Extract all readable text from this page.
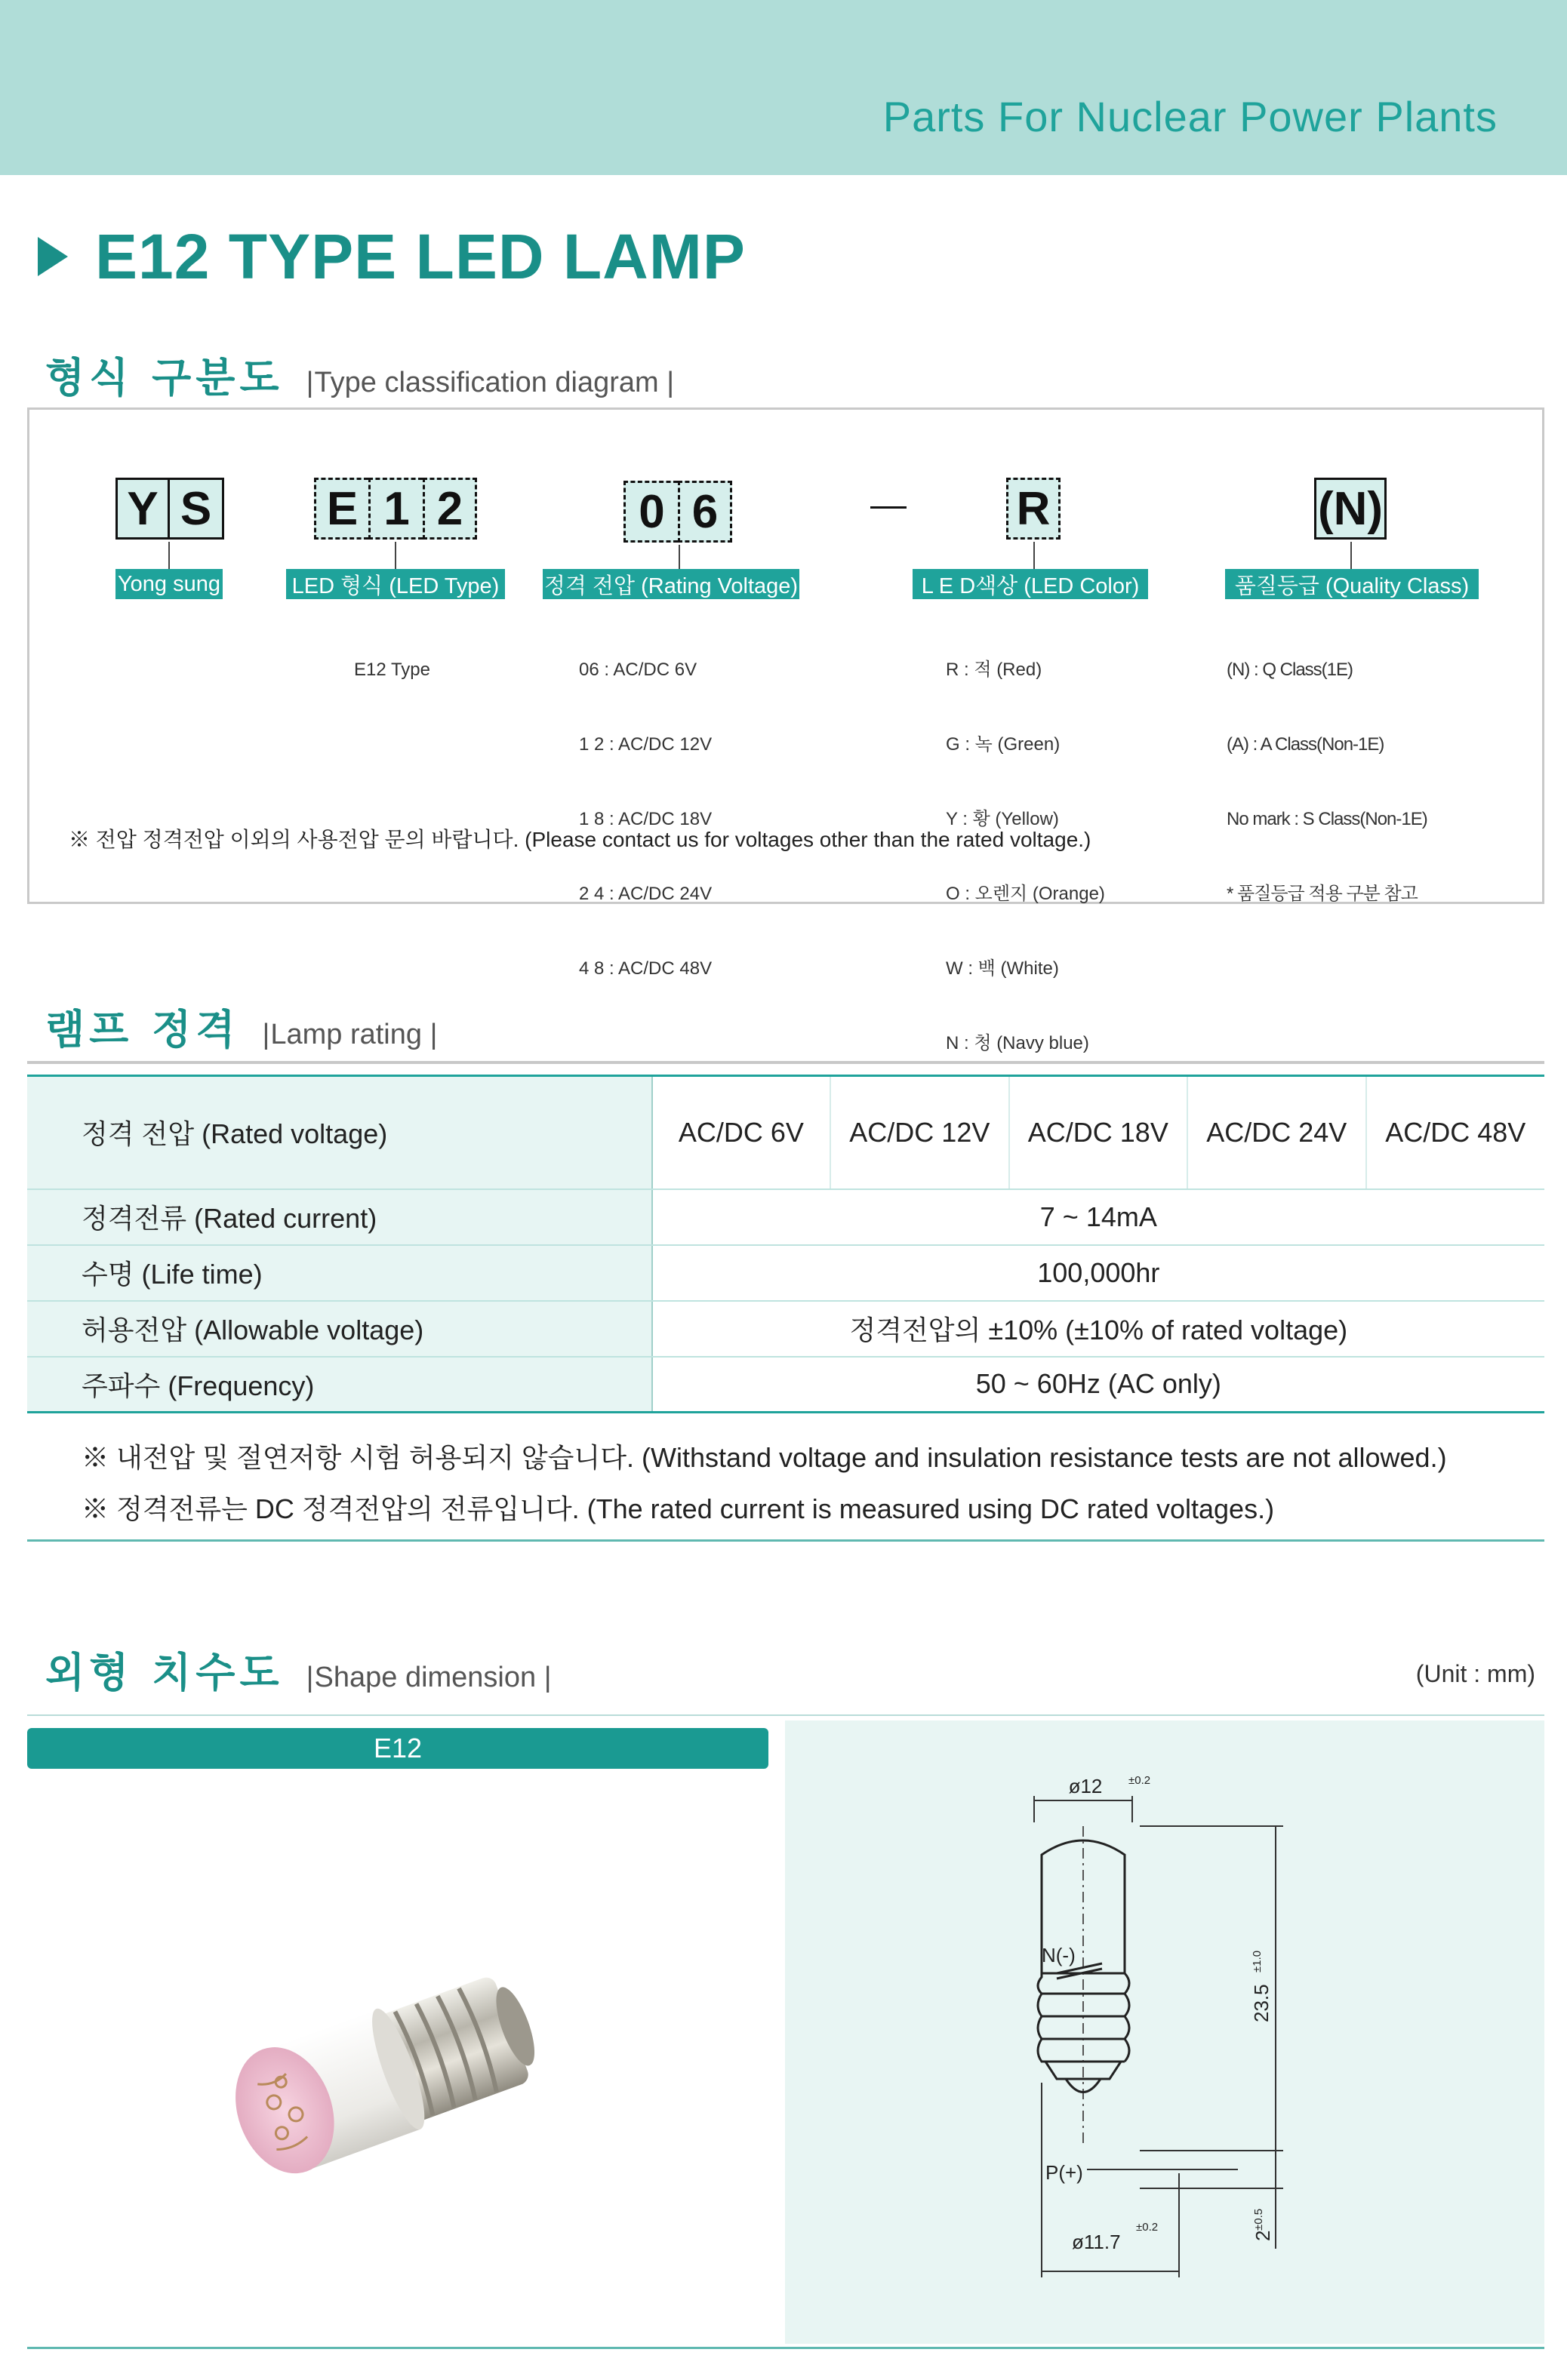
Parts For Nuclear Power Plants
E12 TYPE LED LAMP
형식 구분도 | Type classification diagram |
Y S
Yong sung
E 1 2
LED 형식 (LED Type)

E12 Type

0 6
정격 전압 (Rating Voltage)

06 : AC/DC 6V

1 2 : AC/DC 12V

1 8 : AC/DC 18V

2 4 : AC/DC 24V

4 8 : AC/DC 48V

R
L E D색상 (LED Color)

R : 적 (Red)

G : 녹 (Green)

Y : 황 (Yellow)

O : 오렌지 (Orange)

W : 백 (White)

N : 청 (Navy blue)

(N)
품질등급 (Quality Class)

(N) : Q Class(1E)

(A) : A Class(Non-1E)

No mark : S Class(Non-1E)

* 품질등급 적용 구분 참고

※ 전압 정격전압 이외의 사용전압 문의 바랍니다. (Please contact us for voltages other than the rated voltage.)
램프 정격 | Lamp rating |
정격 전압 (Rated voltage)	AC/DC 6V	AC/DC 12V	AC/DC 18V	AC/DC 24V	AC/DC 48V
정격전류 (Rated current)	7 ~ 14mA				
수명 (Life time)	100,000hr				
허용전압 (Allowable voltage)	정격전압의 ±10% (±10% of rated voltage)				
주파수 (Frequency)	50 ~ 60Hz (AC only)				
※ 내전압 및 절연저항 시험 허용되지 않습니다. (Withstand voltage and insulation resistance tests are not allowed.)
※ 정격전류는 DC 정격전압의 전류입니다. (The rated current is measured using DC rated voltages.)
외형 치수도 | Shape dimension |	(Unit : mm)
E12
ø12 ±0.2
N(-)
P(+)
23.5
±1.0
2
±0.5
ø11.7
±0.2
